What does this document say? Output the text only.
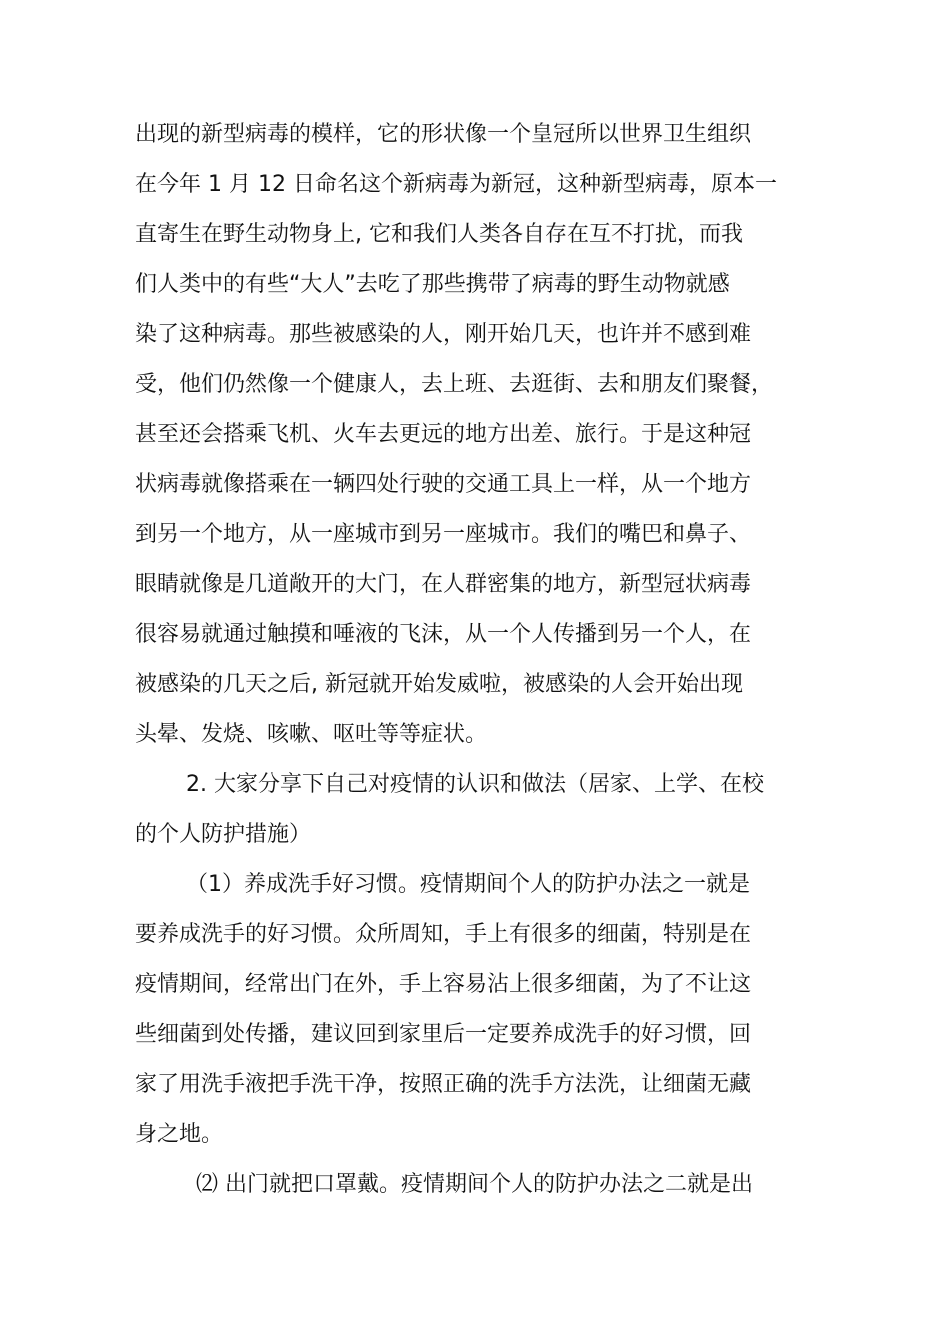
出现的新型病毒的模样，它的形状像一个皇冠所以世界卫生组织
在今年 1 月 12 日命名这个新病毒为新冠，这种新型病毒，原本一
直寄生在野生动物身上, 它和我们人类各自存在互不打扰，而我
们人类中的有些“大人”去吃了那些携带了病毒的野生动物就感
染了这种病毒。那些被感染的人，刚开始几天，也许并不感到难
受，他们仍然像一个健康人，去上班、去逛街、去和朋友们聚餐，
甚至还会搭乘飞机、火车去更远的地方出差、旅行。于是这种冠
状病毒就像搭乘在一辆四处行驶的交通工具上一样，从一个地方
到另一个地方，从一座城市到另一座城市。我们的嘴巴和鼻子、
眼睛就像是几道敞开的大门，在人群密集的地方，新型冠状病毒
很容易就通过触摸和唾液的飞沫，从一个人传播到另一个人，在
被感染的几天之后, 新冠就开始发威啦，被感染的人会开始出现
头晕、发烧、咳嗽、呕吐等等症状。
2. 大家分享下自己对疫情的认识和做法（居家、上学、在校
的个人防护措施）
（1）养成洗手好习惯。疫情期间个人的防护办法之一就是
要养成洗手的好习惯。众所周知，手上有很多的细菌，特别是在
疫情期间，经常出门在外，手上容易沾上很多细菌，为了不让这
些细菌到处传播，建议回到家里后一定要养成洗手的好习惯，回
家了用洗手液把手洗干净，按照正确的洗手方法洗，让细菌无藏
身之地。
⑵ 出门就把口罩戴。疫情期间个人的防护办法之二就是出
